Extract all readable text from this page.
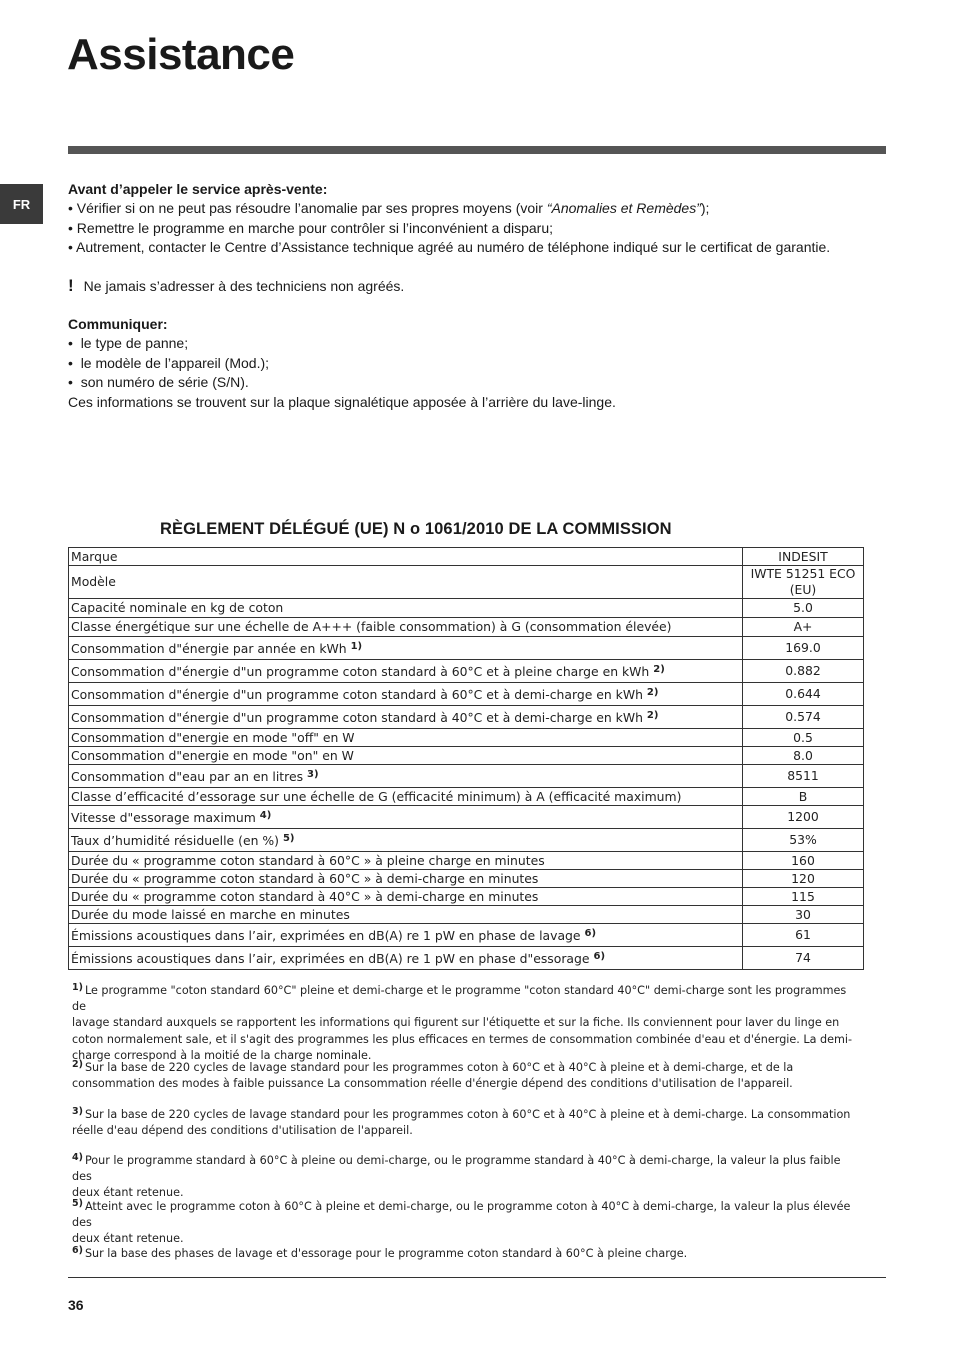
Assistance
FR

Avant d’appeler le service après-vente:

• Vérifier si on ne peut pas résoudre l’anomalie par ses propres moyens (voir “Anomalies et Remèdes”);

• Remettre le programme en marche pour contrôler si l’inconvénient a disparu;

• Autrement, contacter le Centre d’Assistance technique agréé au numéro de téléphone indiqué sur le certificat de garantie.

! Ne jamais s’adresser à des techniciens non agréés.

Communiquer:

• le type de panne;

• le modèle de l’appareil (Mod.);

• son numéro de série (S/N).

Ces informations se trouvent sur la plaque signalétique apposée à l’arrière du lave-linge.

RÈGLEMENT DÉLÉGUÉ (UE) N o 1061/2010 DE LA COMMISSION
Marque	INDESIT
Modèle	IWTE 51251 ECO (EU)
Capacité nominale en kg de coton	5.0
Classe énergétique sur une échelle de A+++ (faible consommation) à G (consommation élevée)	A+
Consommation d"énergie par année en kWh $^{1)}$	169.0
Consommation d"énergie d"un programme coton standard à 60°C et à pleine charge en kWh $^{2)}$	0.882
Consommation d"énergie d"un programme coton standard à 60°C et à demi-charge en kWh $^{2)}$	0.644
Consommation d"énergie d"un programme coton standard à 40°C et à demi-charge en kWh $^{2)}$	0.574
Consommation d"energie en mode "off" en W	0.5
Consommation d"energie en mode "on" en W	8.0
Consommation d"eau par an en litres $^{3)}$	8511
Classe d’efficacité d’essorage sur une échelle de G (efficacité minimum) à A (efficacité maximum)	B
Vitesse d"essorage maximum $^{4)}$	1200
Taux d’humidité résiduelle (en %) $^{5)}$	53%
Durée du « programme coton standard à 60°C » à pleine charge en minutes	160
Durée du « programme coton standard à 60°C » à demi-charge en minutes	120
Durée du « programme coton standard à 40°C » à demi-charge en minutes	115
Durée du mode laissé en marche en minutes	30
Émissions acoustiques dans l’air, exprimées en dB(A) re 1 pW en phase de lavage $^{6)}$	61
Émissions acoustiques dans l’air, exprimées en dB(A) re 1 pW en phase d"essorage $^{6)}$	74
$^{1)}$ Le programme "coton standard 60°C" pleine et demi-charge et le programme "coton standard 40°C" demi-charge sont les programmes de
lavage standard auxquels se rapportent les informations qui figurent sur l'étiquette et sur la fiche. Ils conviennent pour laver du linge en
coton normalement sale, et il s'agit des programmes les plus efficaces en termes de consommation combinée d'eau et d'énergie. La demi-
charge correspond à la moitié de la charge nominale.
$^{2)}$ Sur la base de 220 cycles de lavage standard pour les programmes coton à 60°C et à 40°C à pleine et à demi-charge, et de la
consommation des modes à faible puissance La consommation réelle d'énergie dépend des conditions d'utilisation de l'appareil.
$^{3)}$ Sur la base de 220 cycles de lavage standard pour les programmes coton à 60°C et à 40°C à pleine et à demi-charge. La consommation
réelle d'eau dépend des conditions d'utilisation de l'appareil.
$^{4)}$ Pour le programme standard à 60°C à pleine ou demi-charge, ou le programme standard à 40°C à demi-charge, la valeur la plus faible des
deux étant retenue.
$^{5)}$ Atteint avec le programme coton à 60°C à pleine et demi-charge, ou le programme coton à 40°C à demi-charge, la valeur la plus élevée des
deux étant retenue.
$^{6)}$ Sur la base des phases de lavage et d'essorage pour le programme coton standard à 60°C à pleine charge.
36
